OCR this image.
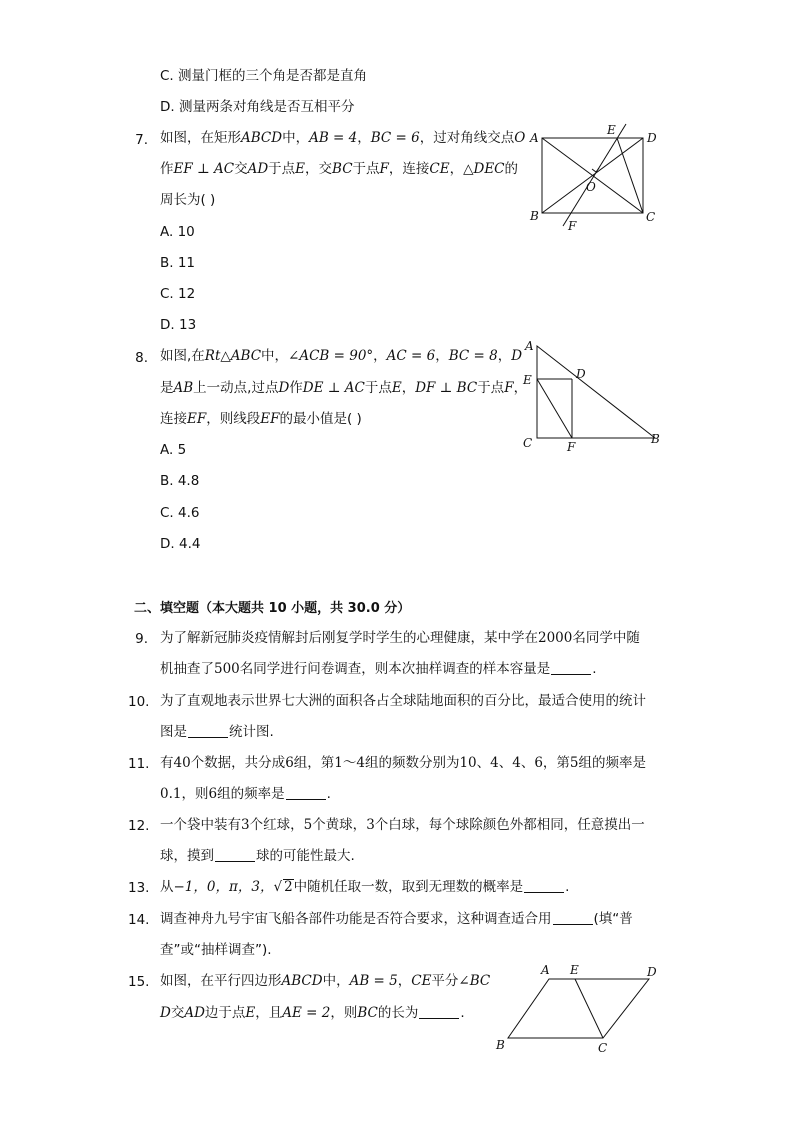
C. 测量门框的三个角是否都是直角
D. 测量两条对角线是否互相平分
7. 如图，在矩形ABCD中，AB = 4，BC = 6，过对角线交点O
作EF ⊥ AC交AD于点E，交BC于点F，连接CE，△DEC的
周长为( )
A. 10
B. 11
C. 12
D. 13
A	D
B	C
E
F
O
8. 如图,在Rt△ABC中，∠ACB = 90°，AC = 6，BC = 8，D
是AB上一动点,过点D作DE ⊥ AC于点E，DF ⊥ BC于点F，
连接EF，则线段EF的最小值是( )
A. 5
B. 4.8
C. 4.6
D. 4.4
A
E	D
C	F
B
二、填空题（本大题共 10 小题，共 30.0 分）
9. 为了解新冠肺炎疫情解封后刚复学时学生的心理健康，某中学在2000名同学中随
机抽查了500名同学进行问卷调查，则本次抽样调查的样本容量是	.
10. 为了直观地表示世界七大洲的面积各占全球陆地面积的百分比，最适合使用的统计
图是	统计图.
11. 有40个数据，共分成6组，第1～4组的频数分别为10、4、4、6，第5组的频率是
0.1，则6组的频率是	.
12. 一个袋中装有3个红球，5个黄球，3个白球，每个球除颜色外都相同，任意摸出一
球，摸到	球的可能性最大.
13. 从−1，0，π，3，√ 2中随机任取一数，取到无理数的概率是	.
14. 调查神舟九号宇宙飞船各部件功能是否符合要求，这种调查适合用	(填“普
查”或“抽样调查”).
15. 如图，在平行四边形ABCD中，AB = 5，CE平分∠BC
D交AD边于点E，且AE = 2，则BC的长为	.
A E	D
B	C
